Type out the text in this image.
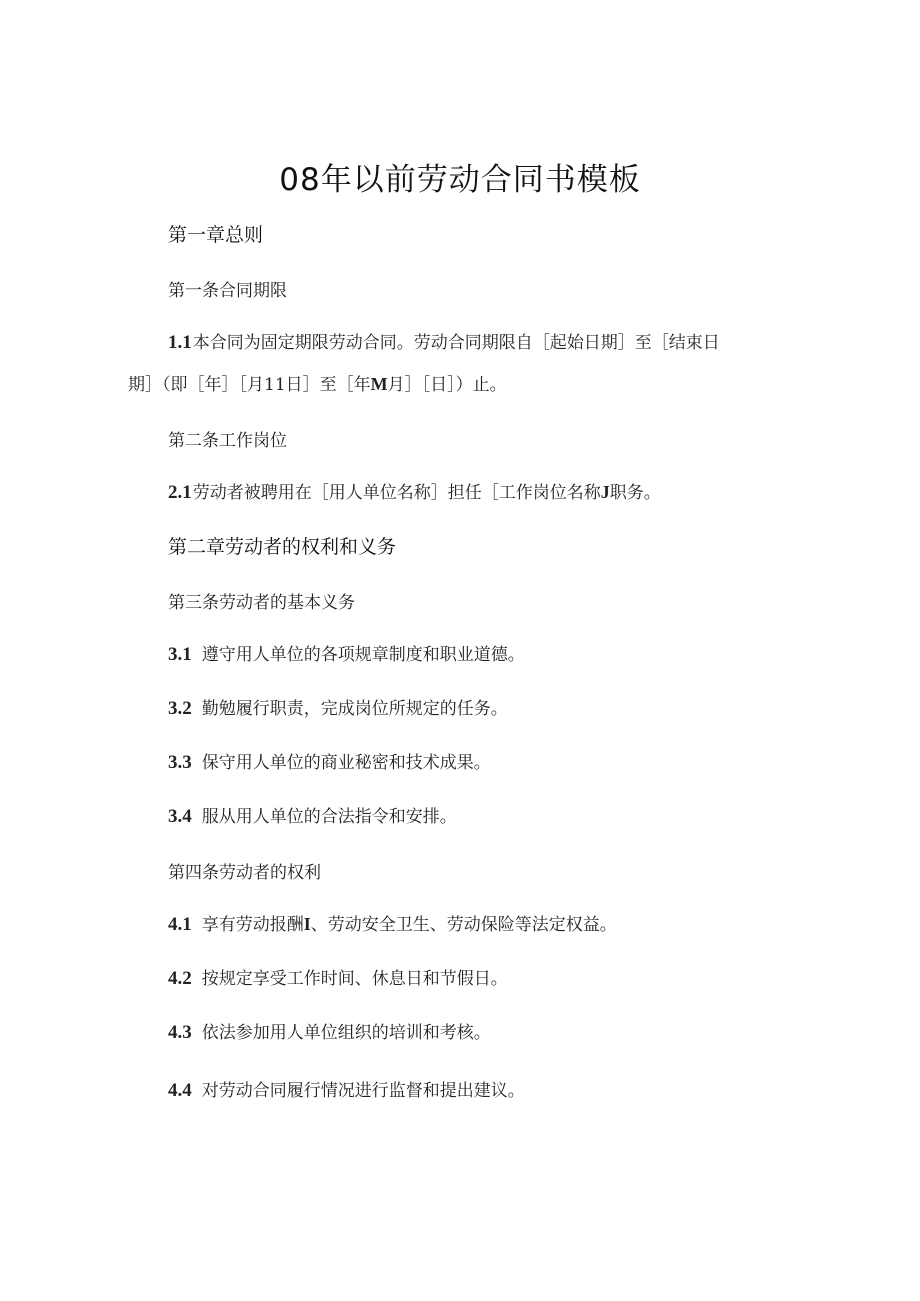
08年以前劳动合同书模板
第一章总则
第一条合同期限
1.1本合同为固定期限劳动合同。劳动合同期限自［起始日期］至［结束日
期］（即［年］［月11日］至［年M月］［日］）止。
第二条工作岗位
2.1劳动者被聘用在［用人单位名称］担任［工作岗位名称J职务。
第二章劳动者的权利和义务
第三条劳动者的基本义务
3.1 遵守用人单位的各项规章制度和职业道德。
3.2 勤勉履行职责，完成岗位所规定的任务。
3.3 保守用人单位的商业秘密和技术成果。
3.4 服从用人单位的合法指令和安排。
第四条劳动者的权利
4.1 享有劳动报酬I、劳动安全卫生、劳动保险等法定权益。
4.2 按规定享受工作时间、休息日和节假日。
4.3 依法参加用人单位组织的培训和考核。
4.4 对劳动合同履行情况进行监督和提出建议。
